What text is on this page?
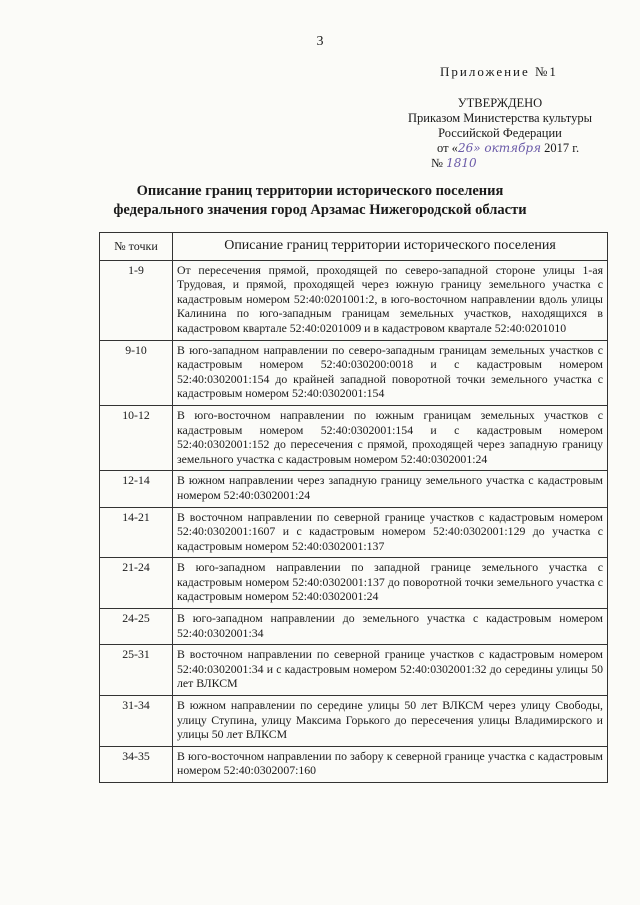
3
Приложение №1
УТВЕРЖДЕНО
Приказом Министерства культуры
Российской Федерации
от «26» октября 2017 г.
№ 1810
Описание границ территории исторического поселения
федерального значения город Арзамас Нижегородской области
№ точки	Описание границ территории исторического поселения
1-9	От пересечения прямой, проходящей по северо-западной стороне улицы 1-ая Трудовая, и прямой, проходящей через южную границу земельного участка с кадастровым номером 52:40:0201001:2, в юго-восточном направлении вдоль улицы Калинина по юго-западным границам земельных участков, находящихся в кадастровом квартале 52:40:0201009 и в кадастровом квартале 52:40:0201010
9-10	В юго-западном направлении по северо-западным границам земельных участков с кадастровым номером 52:40:030200:0018 и с кадастровым номером 52:40:0302001:154 до крайней западной поворотной точки земельного участка с кадастровым номером 52:40:0302001:154
10-12	В юго-восточном направлении по южным границам земельных участков с кадастровым номером 52:40:0302001:154 и с кадастровым номером 52:40:0302001:152 до пересечения с прямой, проходящей через западную границу земельного участка с кадастровым номером 52:40:0302001:24
12-14	В южном направлении через западную границу земельного участка с кадастровым номером 52:40:0302001:24
14-21	В восточном направлении по северной границе участков с кадастровым номером 52:40:0302001:1607 и с кадастровым номером 52:40:0302001:129 до участка с кадастровым номером 52:40:0302001:137
21-24	В юго-западном направлении по западной границе земельного участка с кадастровым номером 52:40:0302001:137 до поворотной точки земельного участка с кадастровым номером 52:40:0302001:24
24-25	В юго-западном направлении до земельного участка с кадастровым номером 52:40:0302001:34
25-31	В восточном направлении по северной границе участков с кадастровым номером 52:40:0302001:34 и с кадастровым номером 52:40:0302001:32 до середины улицы 50 лет ВЛКСМ
31-34	В южном направлении по середине улицы 50 лет ВЛКСМ через улицу Свободы, улицу Ступина, улицу Максима Горького до пересечения улицы Владимирского и улицы 50 лет ВЛКСМ
34-35	В юго-восточном направлении по забору к северной границе участка с кадастровым номером 52:40:0302007:160
